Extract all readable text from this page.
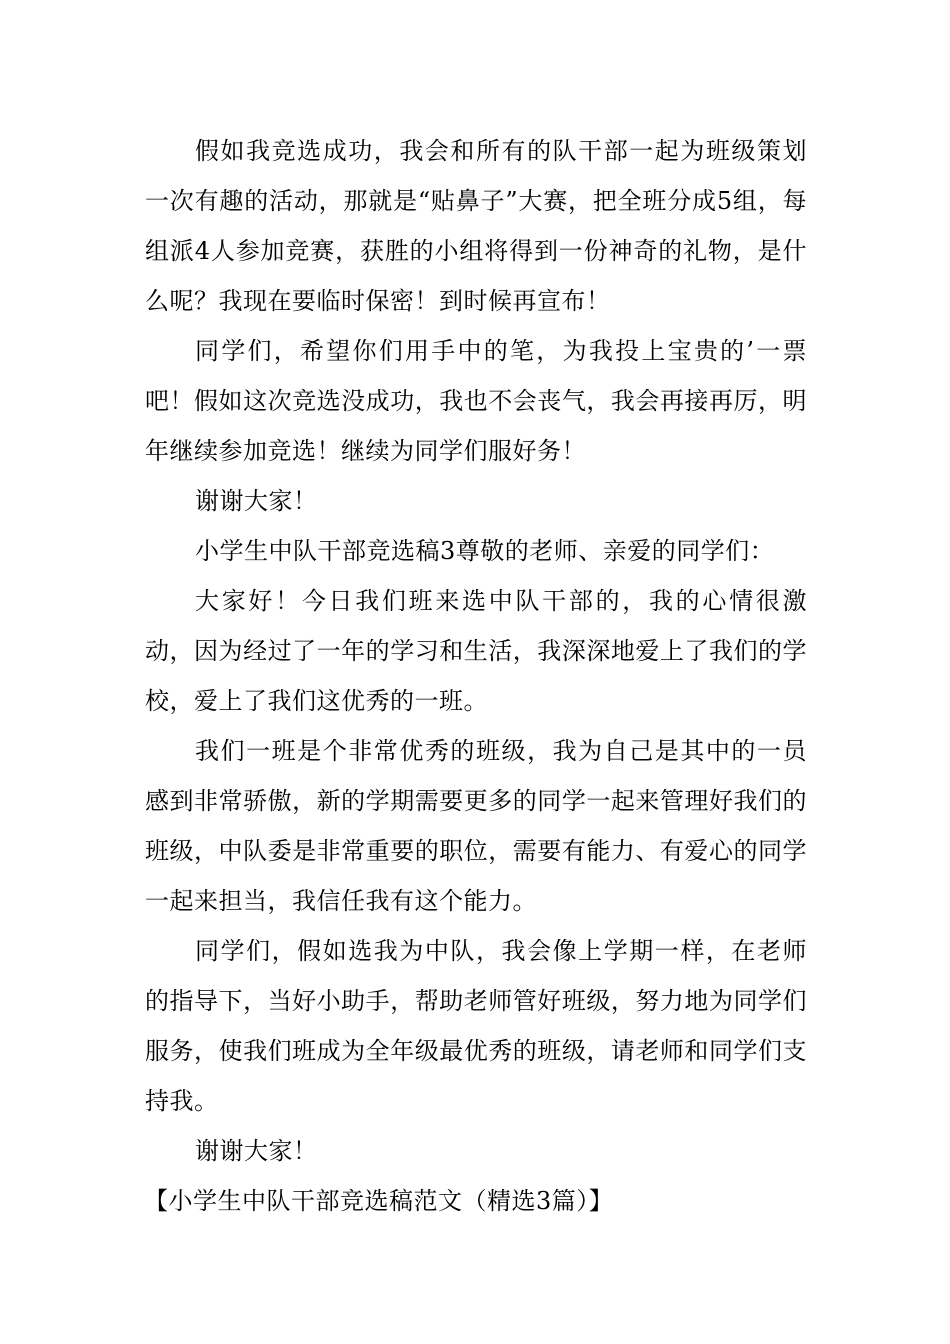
假如我竞选成功，我会和所有的队干部一起为班级策划一次有趣的活动，那就是“贴鼻子”大赛，把全班分成5组，每组派4人参加竞赛，获胜的小组将得到一份神奇的礼物，是什么呢？我现在要临时保密！到时候再宣布！

同学们，希望你们用手中的笔，为我投上宝贵的’一票吧！假如这次竞选没成功，我也不会丧气，我会再接再厉，明年继续参加竞选！继续为同学们服好务！

谢谢大家！

小学生中队干部竞选稿3尊敬的老师、亲爱的同学们：

大家好！今日我们班来选中队干部的，我的心情很激动，因为经过了一年的学习和生活，我深深地爱上了我们的学校，爱上了我们这优秀的一班。

我们一班是个非常优秀的班级，我为自己是其中的一员感到非常骄傲，新的学期需要更多的同学一起来管理好我们的班级，中队委是非常重要的职位，需要有能力、有爱心的同学一起来担当，我信任我有这个能力。

同学们，假如选我为中队，我会像上学期一样，在老师的指导下，当好小助手，帮助老师管好班级，努力地为同学们服务，使我们班成为全年级最优秀的班级，请老师和同学们支持我。

谢谢大家！

【小学生中队干部竞选稿范文（精选3篇）】
